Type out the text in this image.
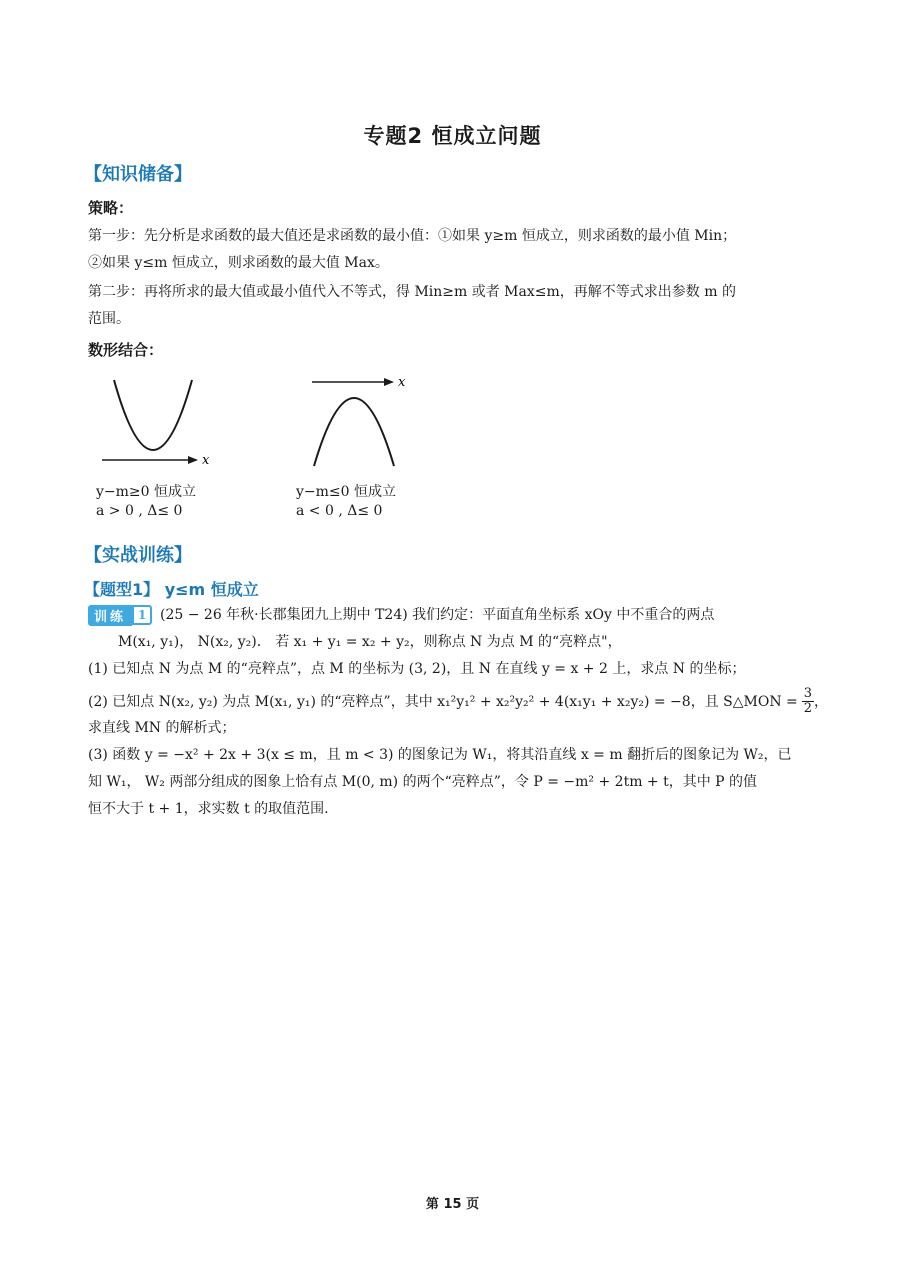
专题2 恒成立问题
【知识储备】
策略：
第一步：先分析是求函数的最大值还是求函数的最小值：①如果 y≥m 恒成立，则求函数的最小值 Min；
②如果 y≤m 恒成立，则求函数的最大值 Max。
第二步：再将所求的最大值或最小值代入不等式，得 Min≥m 或者 Max≤m，再解不等式求出参数 m 的
范围。
数形结合：
x
x
y−m≥0 恒成立
a > 0 , Δ≤ 0
y−m≤0 恒成立
a < 0 , Δ≤ 0
【实战训练】
【题型1】 y≤m 恒成立
训练	1 (25 − 26 年秋·长郡集团九上期中 T24) 我们约定：平面直角坐标系 xOy 中不重合的两点
M(x₁, y₁)， N(x₂, y₂)． 若 x₁ + y₁ = x₂ + y₂，则称点 N 为点 M 的“亮粹点"，
(1) 已知点 N 为点 M 的“亮粹点”，点 M 的坐标为 (3, 2)，且 N 在直线 y = x + 2 上，求点 N 的坐标；
(2) 已知点 N(x₂, y₂) 为点 M(x₁, y₁) 的“亮粹点”，其中 x₁²y₁² + x₂²y₂² + 4(x₁y₁ + x₂y₂) = −8，且 S△MON = $\frac{3}{2}$ ，
求直线 MN 的解析式；
(3) 函数 y = −x² + 2x + 3(x ≤ m，且 m < 3) 的图象记为 W₁，将其沿直线 x = m 翻折后的图象记为 W₂，已
知 W₁， W₂ 两部分组成的图象上恰有点 M(0, m) 的两个“亮粹点”，令 P = −m² + 2tm + t，其中 P 的值
恒不大于 t + 1，求实数 t 的取值范围.
第 15 页
